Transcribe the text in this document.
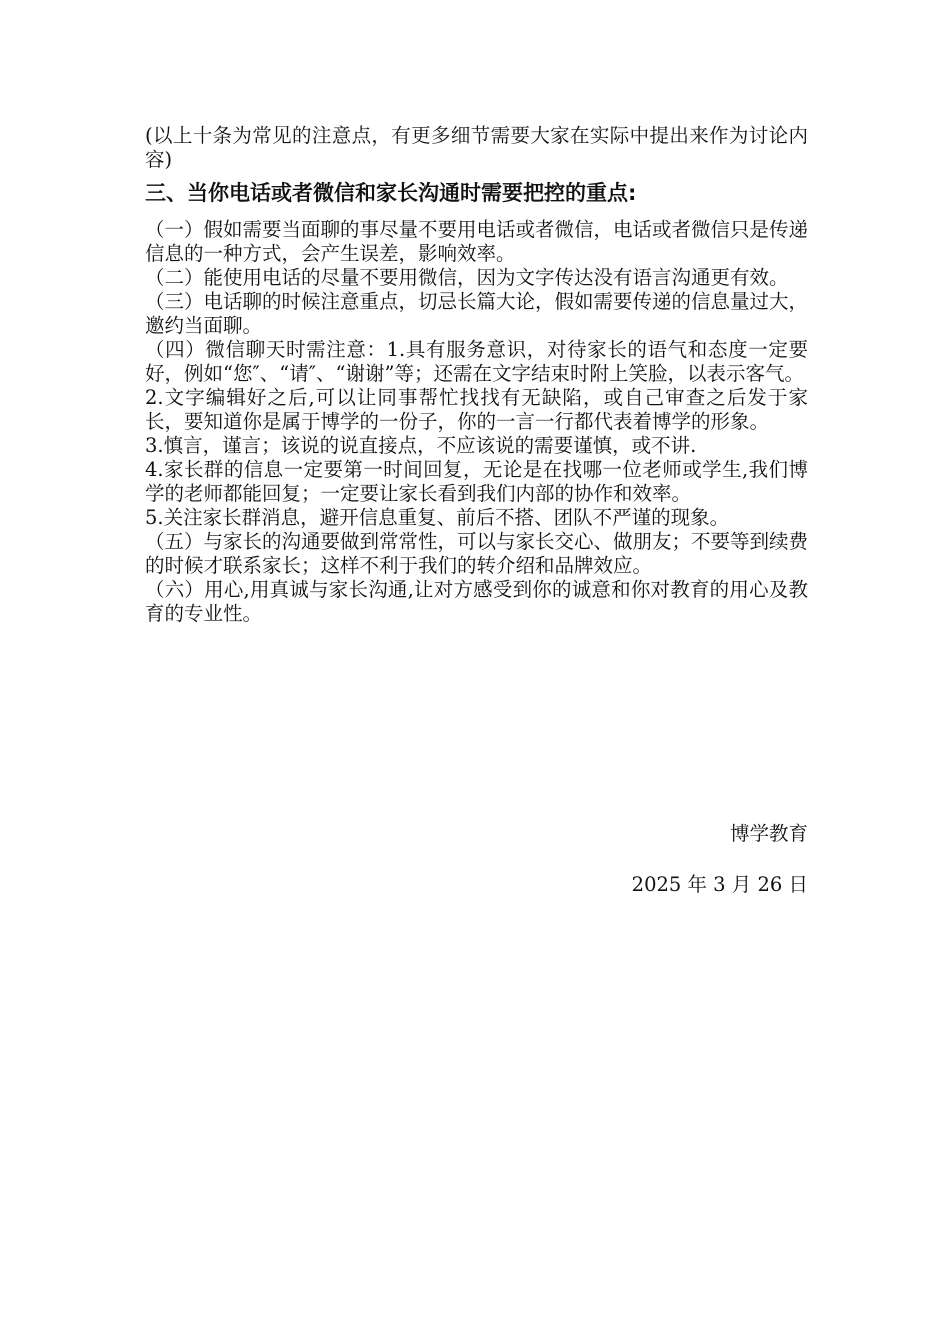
(以上十条为常见的注意点，有更多细节需要大家在实际中提出来作为讨论内容)

三、当你电话或者微信和家长沟通时需要把控的重点:

（一）假如需要当面聊的事尽量不要用电话或者微信，电话或者微信只是传递信息的一种方式，会产生误差，影响效率。

（二）能使用电话的尽量不要用微信，因为文字传达没有语言沟通更有效。

（三）电话聊的时候注意重点，切忌长篇大论，假如需要传递的信息量过大，邀约当面聊。

（四）微信聊天时需注意：1.具有服务意识，对待家长的语气和态度一定要好，例如“您″、“请″、“谢谢”等；还需在文字结束时附上笑脸，以表示客气。

2.文字编辑好之后,可以让同事帮忙找找有无缺陷，或自己审查之后发于家长，要知道你是属于博学的一份子，你的一言一行都代表着博学的形象。

3.慎言，谨言；该说的说直接点，不应该说的需要谨慎，或不讲.

4.家长群的信息一定要第一时间回复，无论是在找哪一位老师或学生,我们博学的老师都能回复；一定要让家长看到我们内部的协作和效率。

5.关注家长群消息，避开信息重复、前后不搭、团队不严谨的现象。

（五）与家长的沟通要做到常常性，可以与家长交心、做朋友；不要等到续费的时候才联系家长；这样不利于我们的转介绍和品牌效应。

（六）用心,用真诚与家长沟通,让对方感受到你的诚意和你对教育的用心及教育的专业性。

博学教育
2025 年 3 月 26 日
